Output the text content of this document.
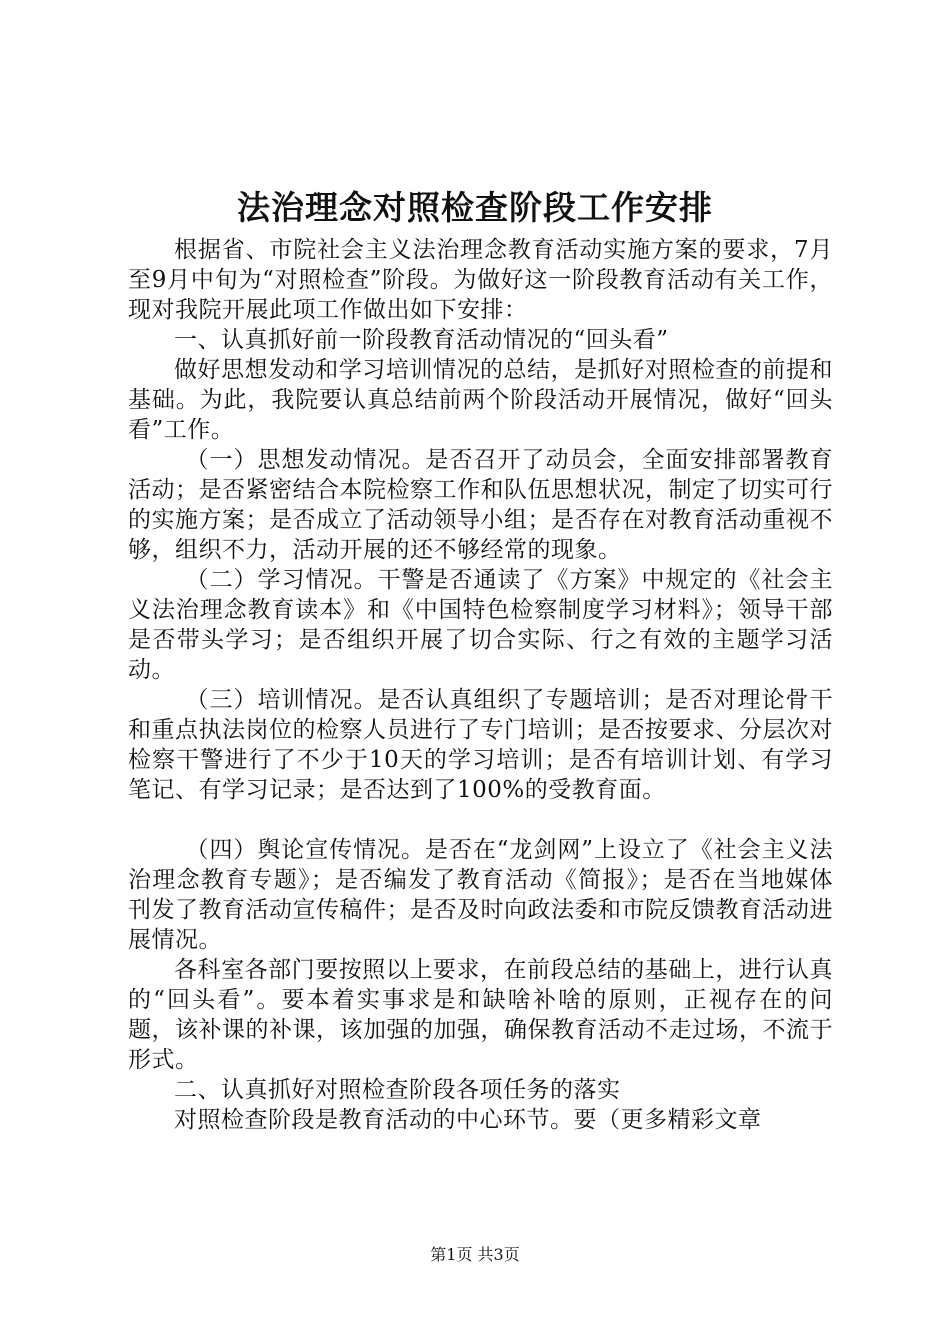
法治理念对照检查阶段工作安排

根据省、市院社会主义法治理念教育活动实施方案的要求，7月至9月中旬为“对照检查”阶段。为做好这一阶段教育活动有关工作，现对我院开展此项工作做出如下安排：

一、认真抓好前一阶段教育活动情况的“回头看”

做好思想发动和学习培训情况的总结，是抓好对照检查的前提和基础。为此，我院要认真总结前两个阶段活动开展情况，做好“回头看”工作。

（一）思想发动情况。是否召开了动员会，全面安排部署教育活动；是否紧密结合本院检察工作和队伍思想状况，制定了切实可行的实施方案；是否成立了活动领导小组；是否存在对教育活动重视不够，组织不力，活动开展的还不够经常的现象。

（二）学习情况。干警是否通读了《方案》中规定的《社会主义法治理念教育读本》和《中国特色检察制度学习材料》；领导干部是否带头学习；是否组织开展了切合实际、行之有效的主题学习活动。

（三）培训情况。是否认真组织了专题培训；是否对理论骨干和重点执法岗位的检察人员进行了专门培训；是否按要求、分层次对检察干警进行了不少于10天的学习培训；是否有培训计划、有学习笔记、有学习记录；是否达到了100%的受教育面。

（四）舆论宣传情况。是否在“龙剑网”上设立了《社会主义法治理念教育专题》；是否编发了教育活动《简报》；是否在当地媒体刊发了教育活动宣传稿件；是否及时向政法委和市院反馈教育活动进展情况。

各科室各部门要按照以上要求，在前段总结的基础上，进行认真的“回头看”。要本着实事求是和缺啥补啥的原则，正视存在的问题，该补课的补课，该加强的加强，确保教育活动不走过场，不流于形式。

二、认真抓好对照检查阶段各项任务的落实

对照检查阶段是教育活动的中心环节。要（更多精彩文章

第1页 共3页
